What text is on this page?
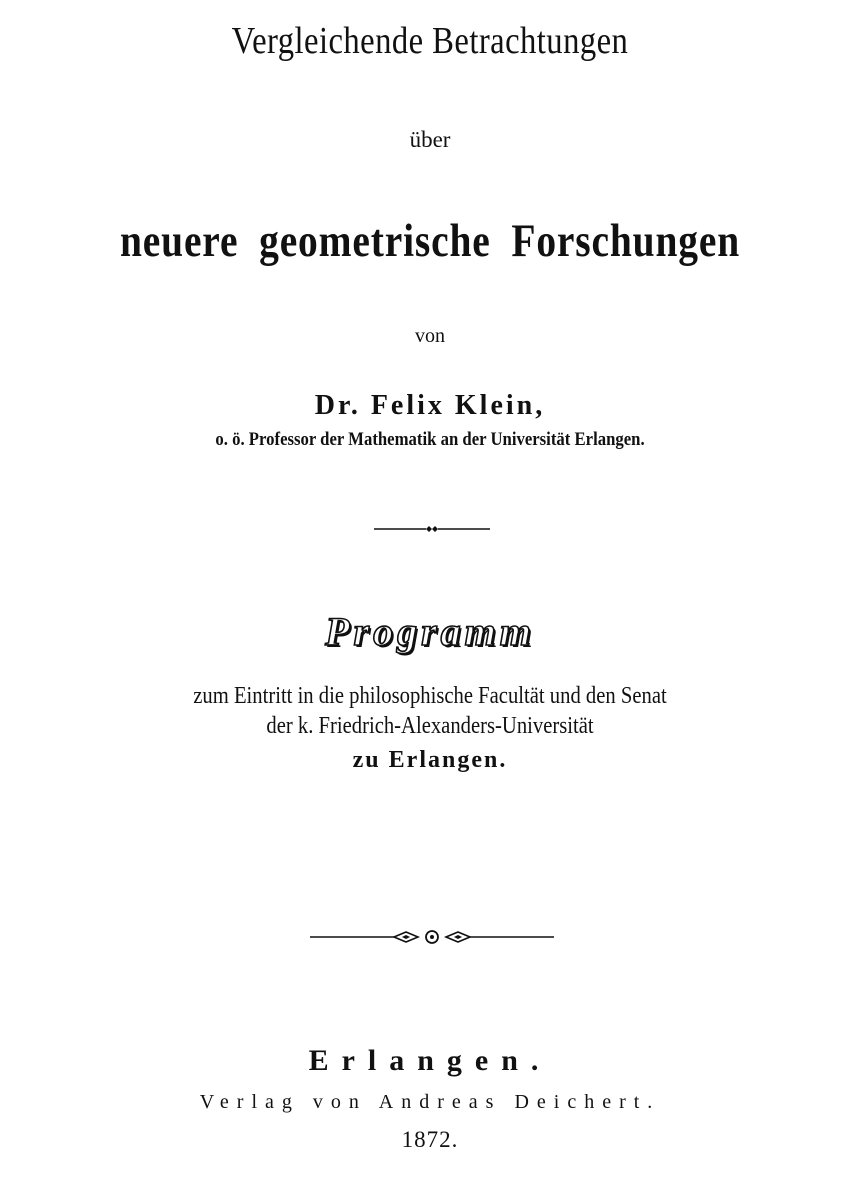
Vergleichende Betrachtungen
über
neuere geometrische Forschungen
von
Dr. Felix Klein,
o. ö. Professor der Mathematik an der Universität Erlangen.
Programm
zum Eintritt in die philosophische Facultät und den Senat
der k. Friedrich-Alexanders-Universität
zu Erlangen.
Erlangen.
Verlag von Andreas Deichert.
1872.
